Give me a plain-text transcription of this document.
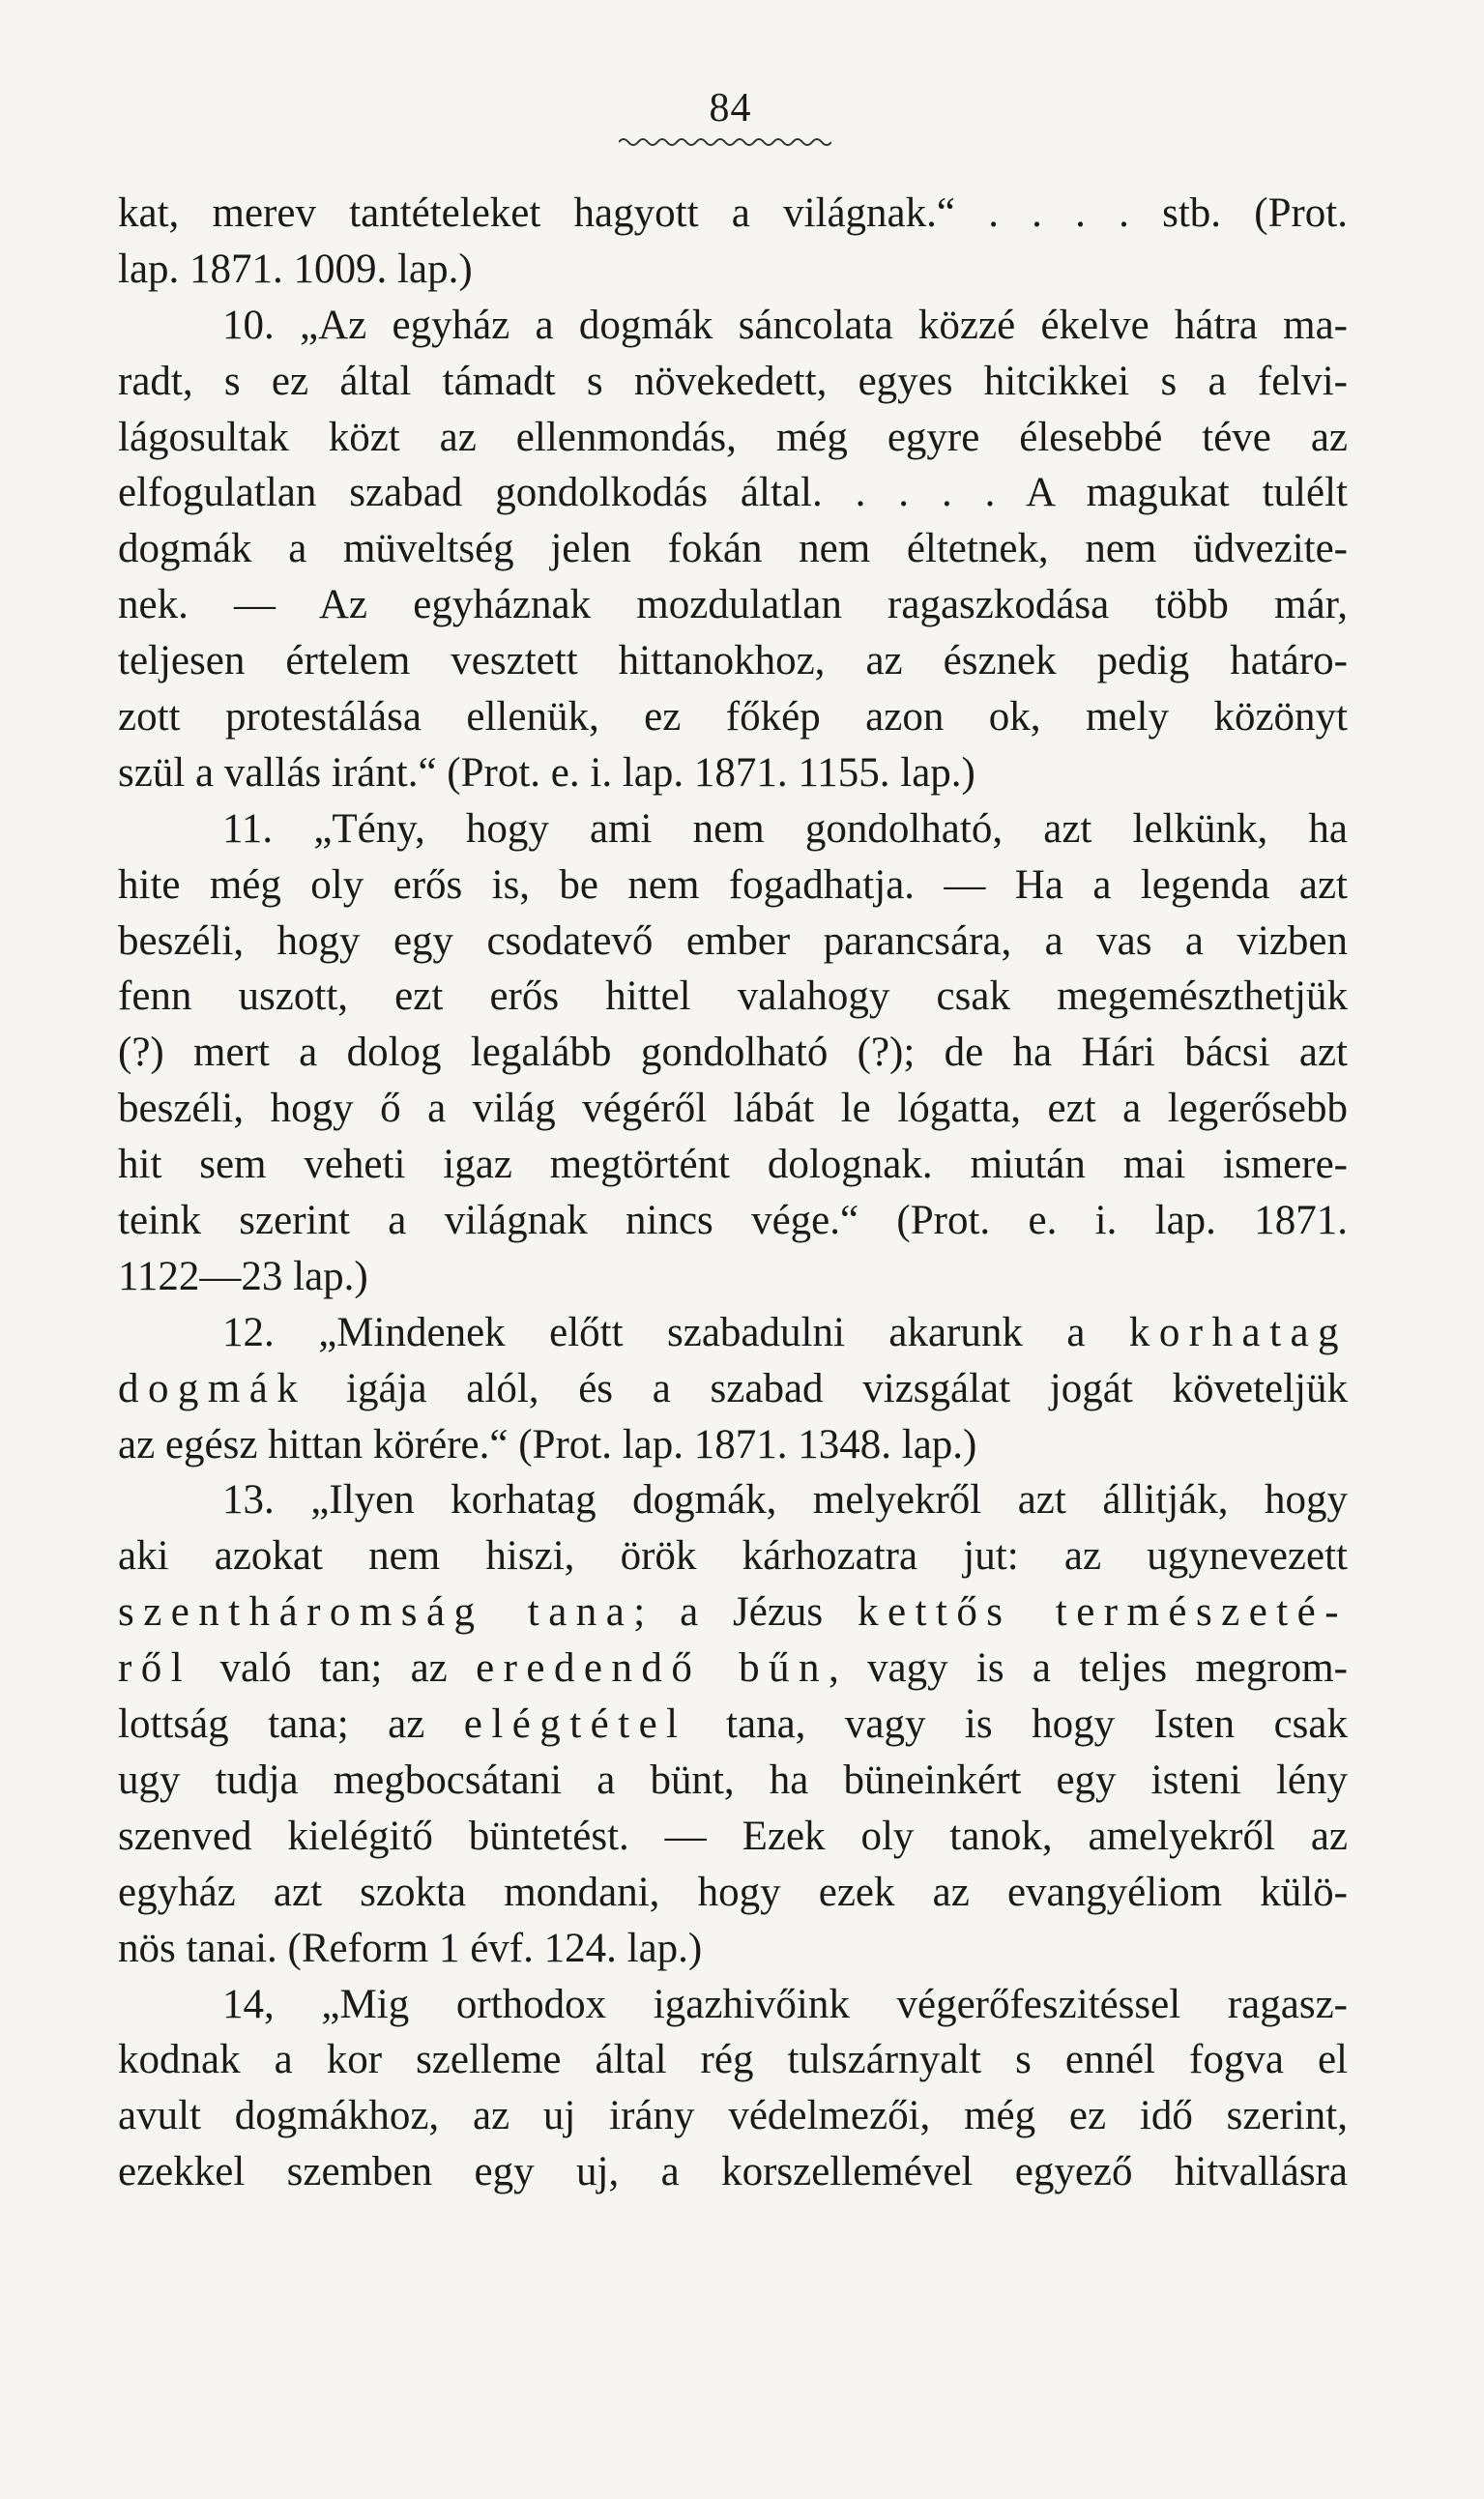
84
kat, merev tantételeket hagyott a világnak.“ . . . . stb. (Prot.
lap. 1871. 1009. lap.)
10. „Az egyház a dogmák sáncolata közzé ékelve hátra ma-
radt, s ez által támadt s növekedett, egyes hitcikkei s a felvi-
lágosultak közt az ellenmondás, még egyre élesebbé téve az
elfogulatlan szabad gondolkodás által. . . . . A magukat tulélt
dogmák a müveltség jelen fokán nem éltetnek, nem üdvezite-
nek. — Az egyháznak mozdulatlan ragaszkodása több már,
teljesen értelem vesztett hittanokhoz, az észnek pedig határo-
zott protestálása ellenük, ez főkép azon ok, mely közönyt
szül a vallás iránt.“ (Prot. e. i. lap. 1871. 1155. lap.)
11. „Tény, hogy ami nem gondolható, azt lelkünk, ha
hite még oly erős is, be nem fogadhatja. — Ha a legenda azt
beszéli, hogy egy csodatevő ember parancsára, a vas a vizben
fenn uszott, ezt erős hittel valahogy csak megemészthetjük
(?) mert a dolog legalább gondolható (?); de ha Hári bácsi azt
beszéli, hogy ő a világ végéről lábát le lógatta, ezt a legerősebb
hit sem veheti igaz megtörtént dolognak. miután mai ismere-
teink szerint a világnak nincs vége.“ (Prot. e. i. lap. 1871.
1122—23 lap.)
12. „Mindenek előtt szabadulni akarunk a korhatag
dogmák igája alól, és a szabad vizsgálat jogát követeljük
az egész hittan körére.“ (Prot. lap. 1871. 1348. lap.)
13. „Ilyen korhatag dogmák, melyekről azt állitják, hogy
aki azokat nem hiszi, örök kárhozatra jut: az ugynevezett
szentháromság tana; a Jézus kettős természeté-
ről való tan; az eredendő bűn, vagy is a teljes megrom-
lottság tana; az elégtétel tana, vagy is hogy Isten csak
ugy tudja megbocsátani a bünt, ha büneinkért egy isteni lény
szenved kielégitő büntetést. — Ezek oly tanok, amelyekről az
egyház azt szokta mondani, hogy ezek az evangyéliom külö-
nös tanai. (Reform 1 évf. 124. lap.)
14, „Mig orthodox igazhivőink végerőfeszitéssel ragasz-
kodnak a kor szelleme által rég tulszárnyalt s ennél fogva el
avult dogmákhoz, az uj irány védelmezői, még ez idő szerint,
ezekkel szemben egy uj, a korszellemével egyező hitvallásra
